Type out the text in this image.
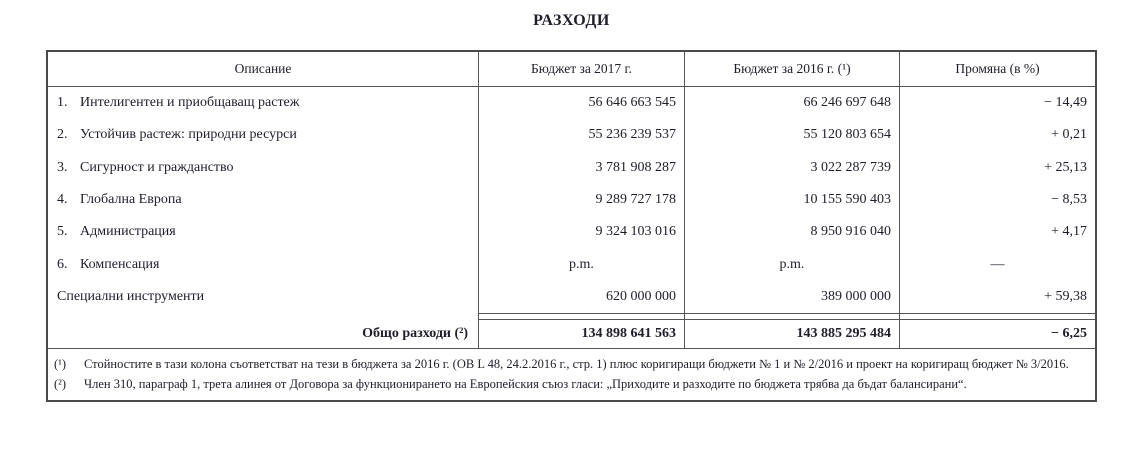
РАЗХОДИ
Описание	Бюджет за 2017 г.	Бюджет за 2016 г. (¹)	Промяна (в %)
1. Интелигентен и приобщаващ растеж	56 646 663 545	66 246 697 648	− 14,49
2. Устойчив растеж: природни ресурси	55 236 239 537	55 120 803 654	+ 0,21
3. Сигурност и гражданство	3 781 908 287	3 022 287 739	+ 25,13
4. Глобална Европа	9 289 727 178	10 155 590 403	− 8,53
5. Администрация	9 324 103 016	8 950 916 040	+ 4,17
6. Компенсация	p.m.	p.m.	—
Специални инструменти	620 000 000	389 000 000	+ 59,38
Общо разходи (²)	134 898 641 563	143 885 295 484	− 6,25
(¹)	Стойностите в тази колона съответстват на тези в бюджета за 2016 г. (ОВ L 48, 24.2.2016 г., стр. 1) плюс коригиращи бюджети № 1 и № 2/2016 и проект на коригиращ бюджет № 3/2016.
(²)	Член 310, параграф 1, трета алинея от Договора за функционирането на Европейския съюз гласи: „Приходите и разходите по бюджета трябва да бъдат балансирани“.
